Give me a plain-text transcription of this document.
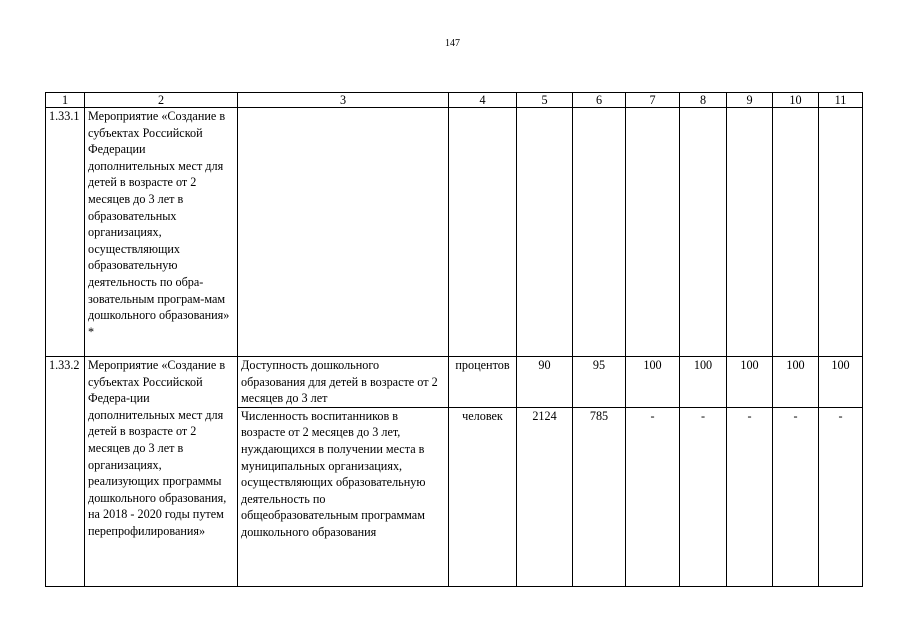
147
1	2	3	4	5	6	7	8	9	10	11
1.33.1	Мероприятие «Создание в субъектах Российской Федерации дополнительных мест для детей в возрасте от 2 месяцев до 3 лет в образовательных организациях, осуществляющих образовательную деятельность по обра-зовательным програм-мам дошкольного образования» *									
1.33.2	Мероприятие «Создание в субъектах Российской Федера-ции дополнительных мест для детей в возрасте от 2 месяцев до 3 лет в организациях, реализующих программы дошкольного образования, на 2018 - 2020 годы путем перепрофилирования»	Доступность дошкольного образования для детей в возрасте от 2 месяцев до 3 лет	процентов	90	95	100	100	100	100	100
		Численность воспитанников в возрасте от 2 месяцев до 3 лет, нуждающихся в получении места в муниципальных организациях, осуществляющих образовательную деятельность по общеобразовательным программам дошкольного образования	человек	2124	785	-	-	-	-	-
